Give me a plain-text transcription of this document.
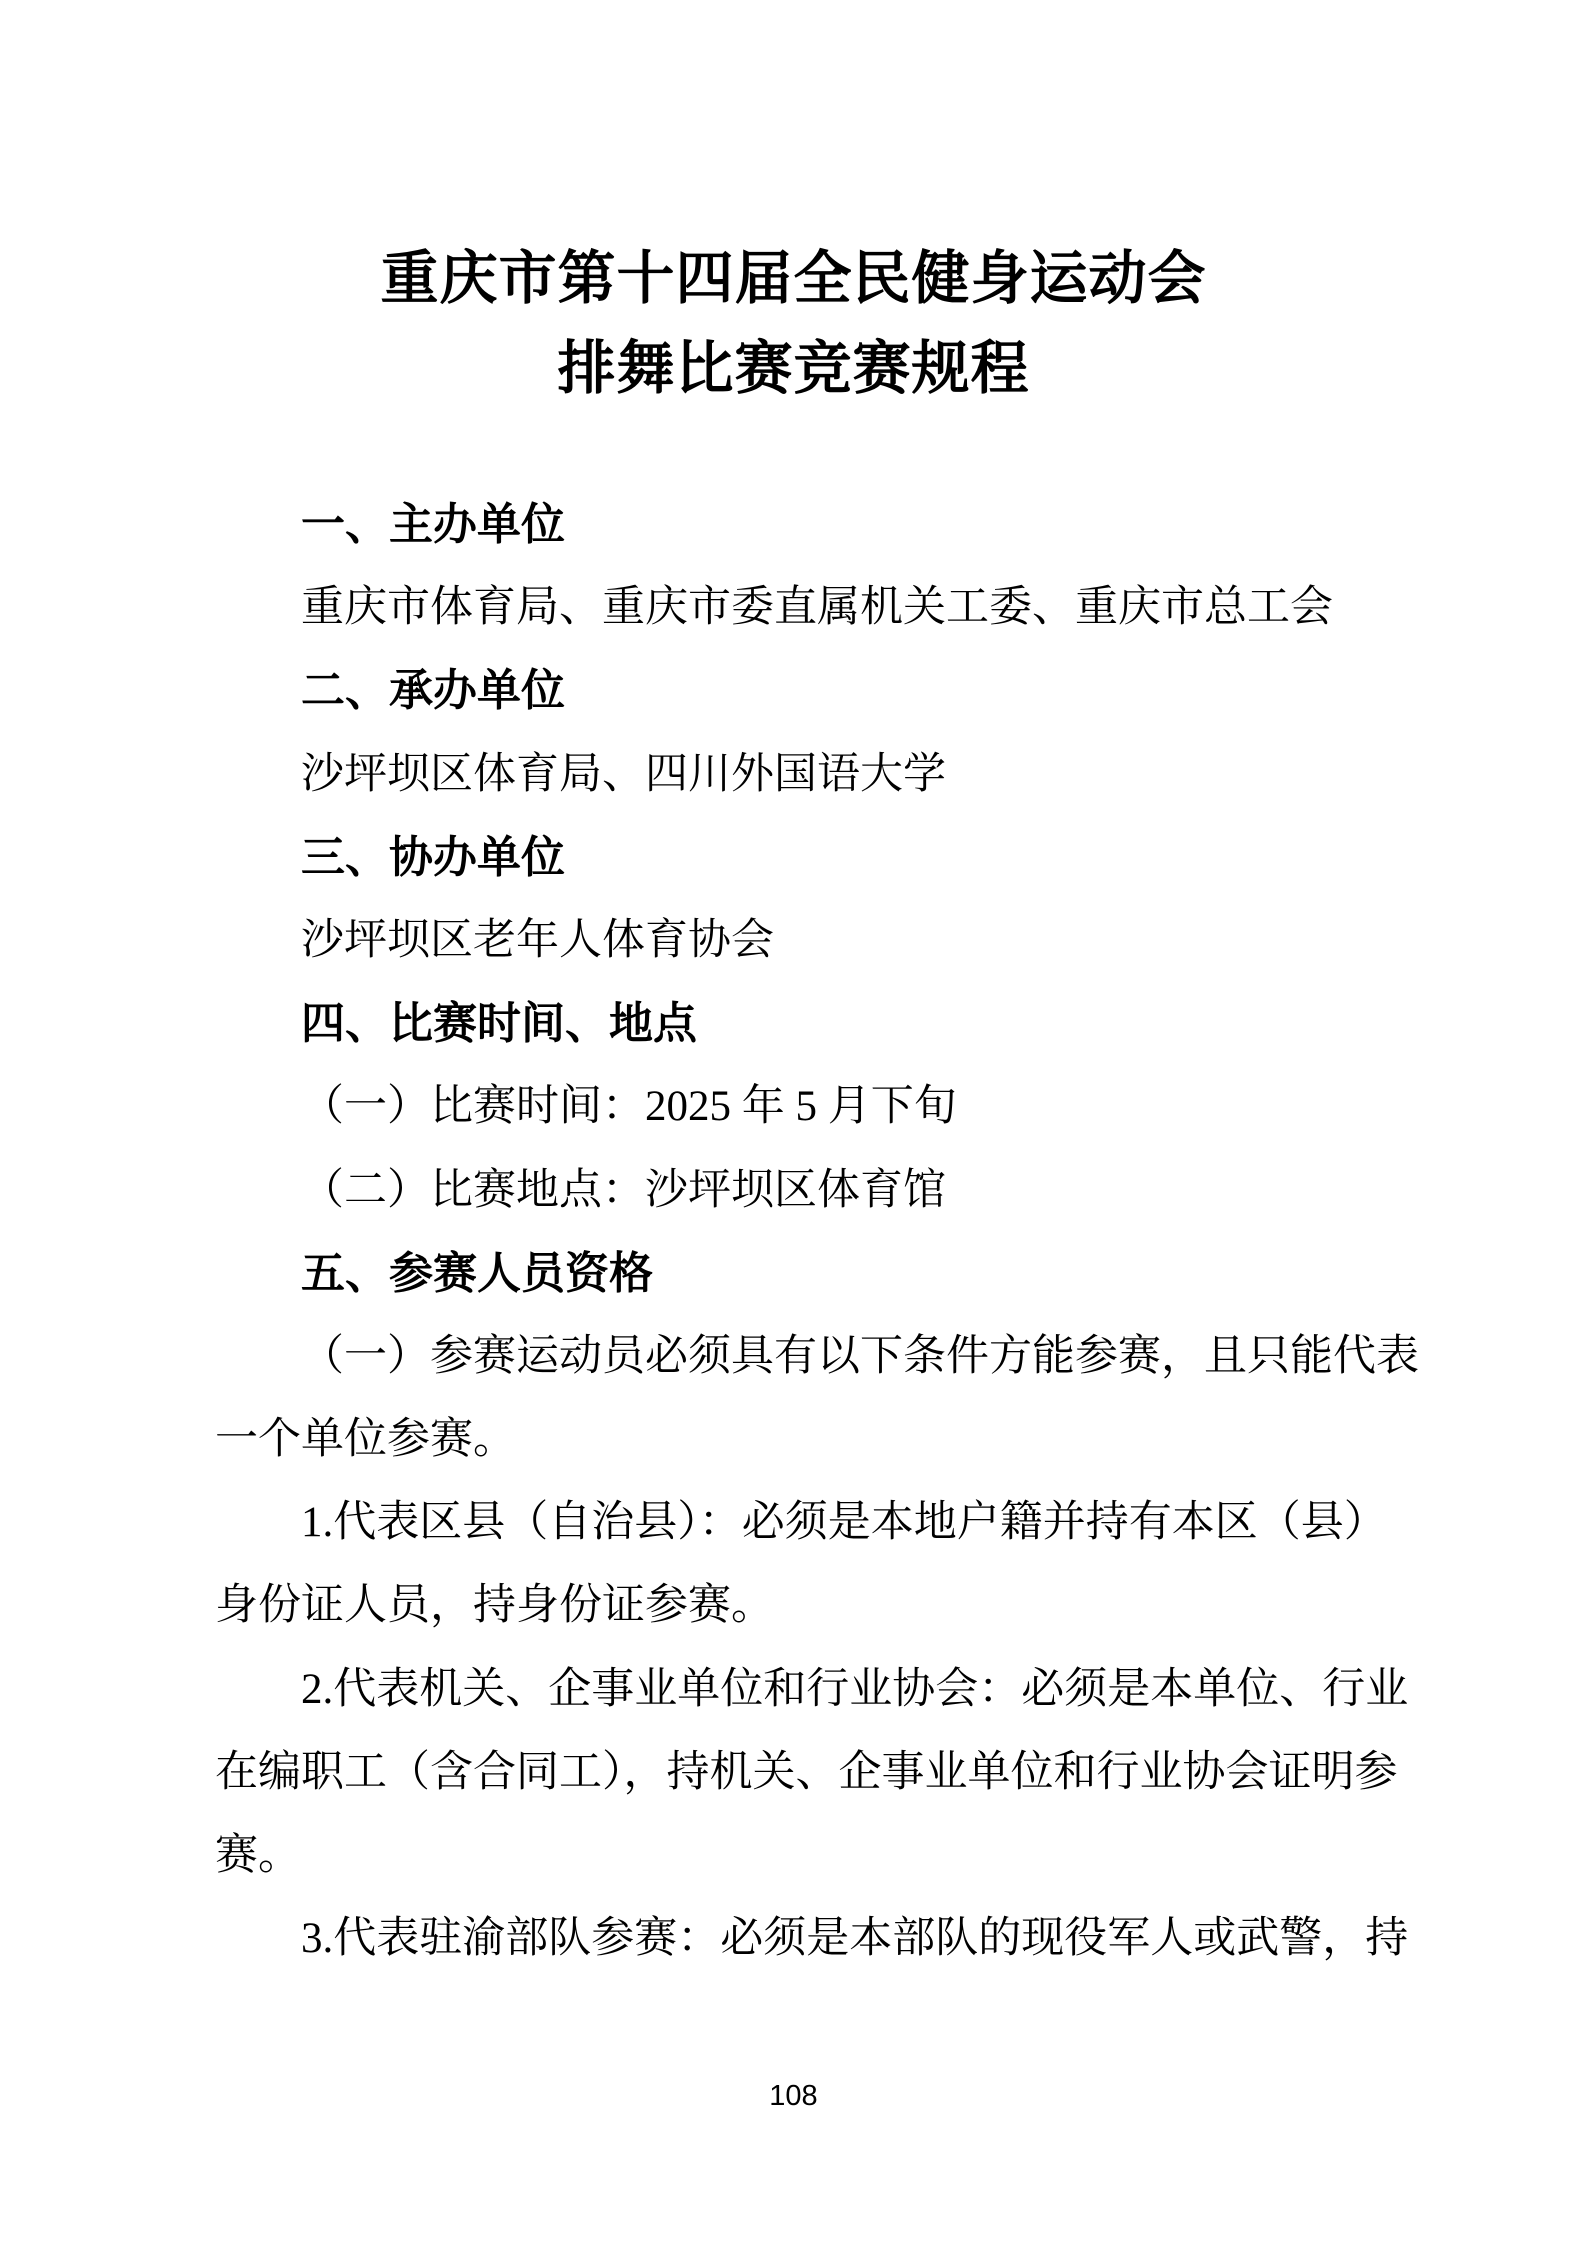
重庆市第十四届全民健身运动会
排舞比赛竞赛规程
一、主办单位
重庆市体育局、重庆市委直属机关工委、重庆市总工会
二、承办单位
沙坪坝区体育局、四川外国语大学
三、协办单位
沙坪坝区老年人体育协会
四、比赛时间、地点
（一）比赛时间：2025 年 5 月下旬
（二）比赛地点：沙坪坝区体育馆
五、参赛人员资格
（一）参赛运动员必须具有以下条件方能参赛，且只能代表
一个单位参赛。
1.代表区县（自治县）：必须是本地户籍并持有本区（县）
身份证人员，持身份证参赛。
2.代表机关、企事业单位和行业协会：必须是本单位、行业
在编职工（含合同工），持机关、企事业单位和行业协会证明参
赛。
3.代表驻渝部队参赛：必须是本部队的现役军人或武警，持
108
